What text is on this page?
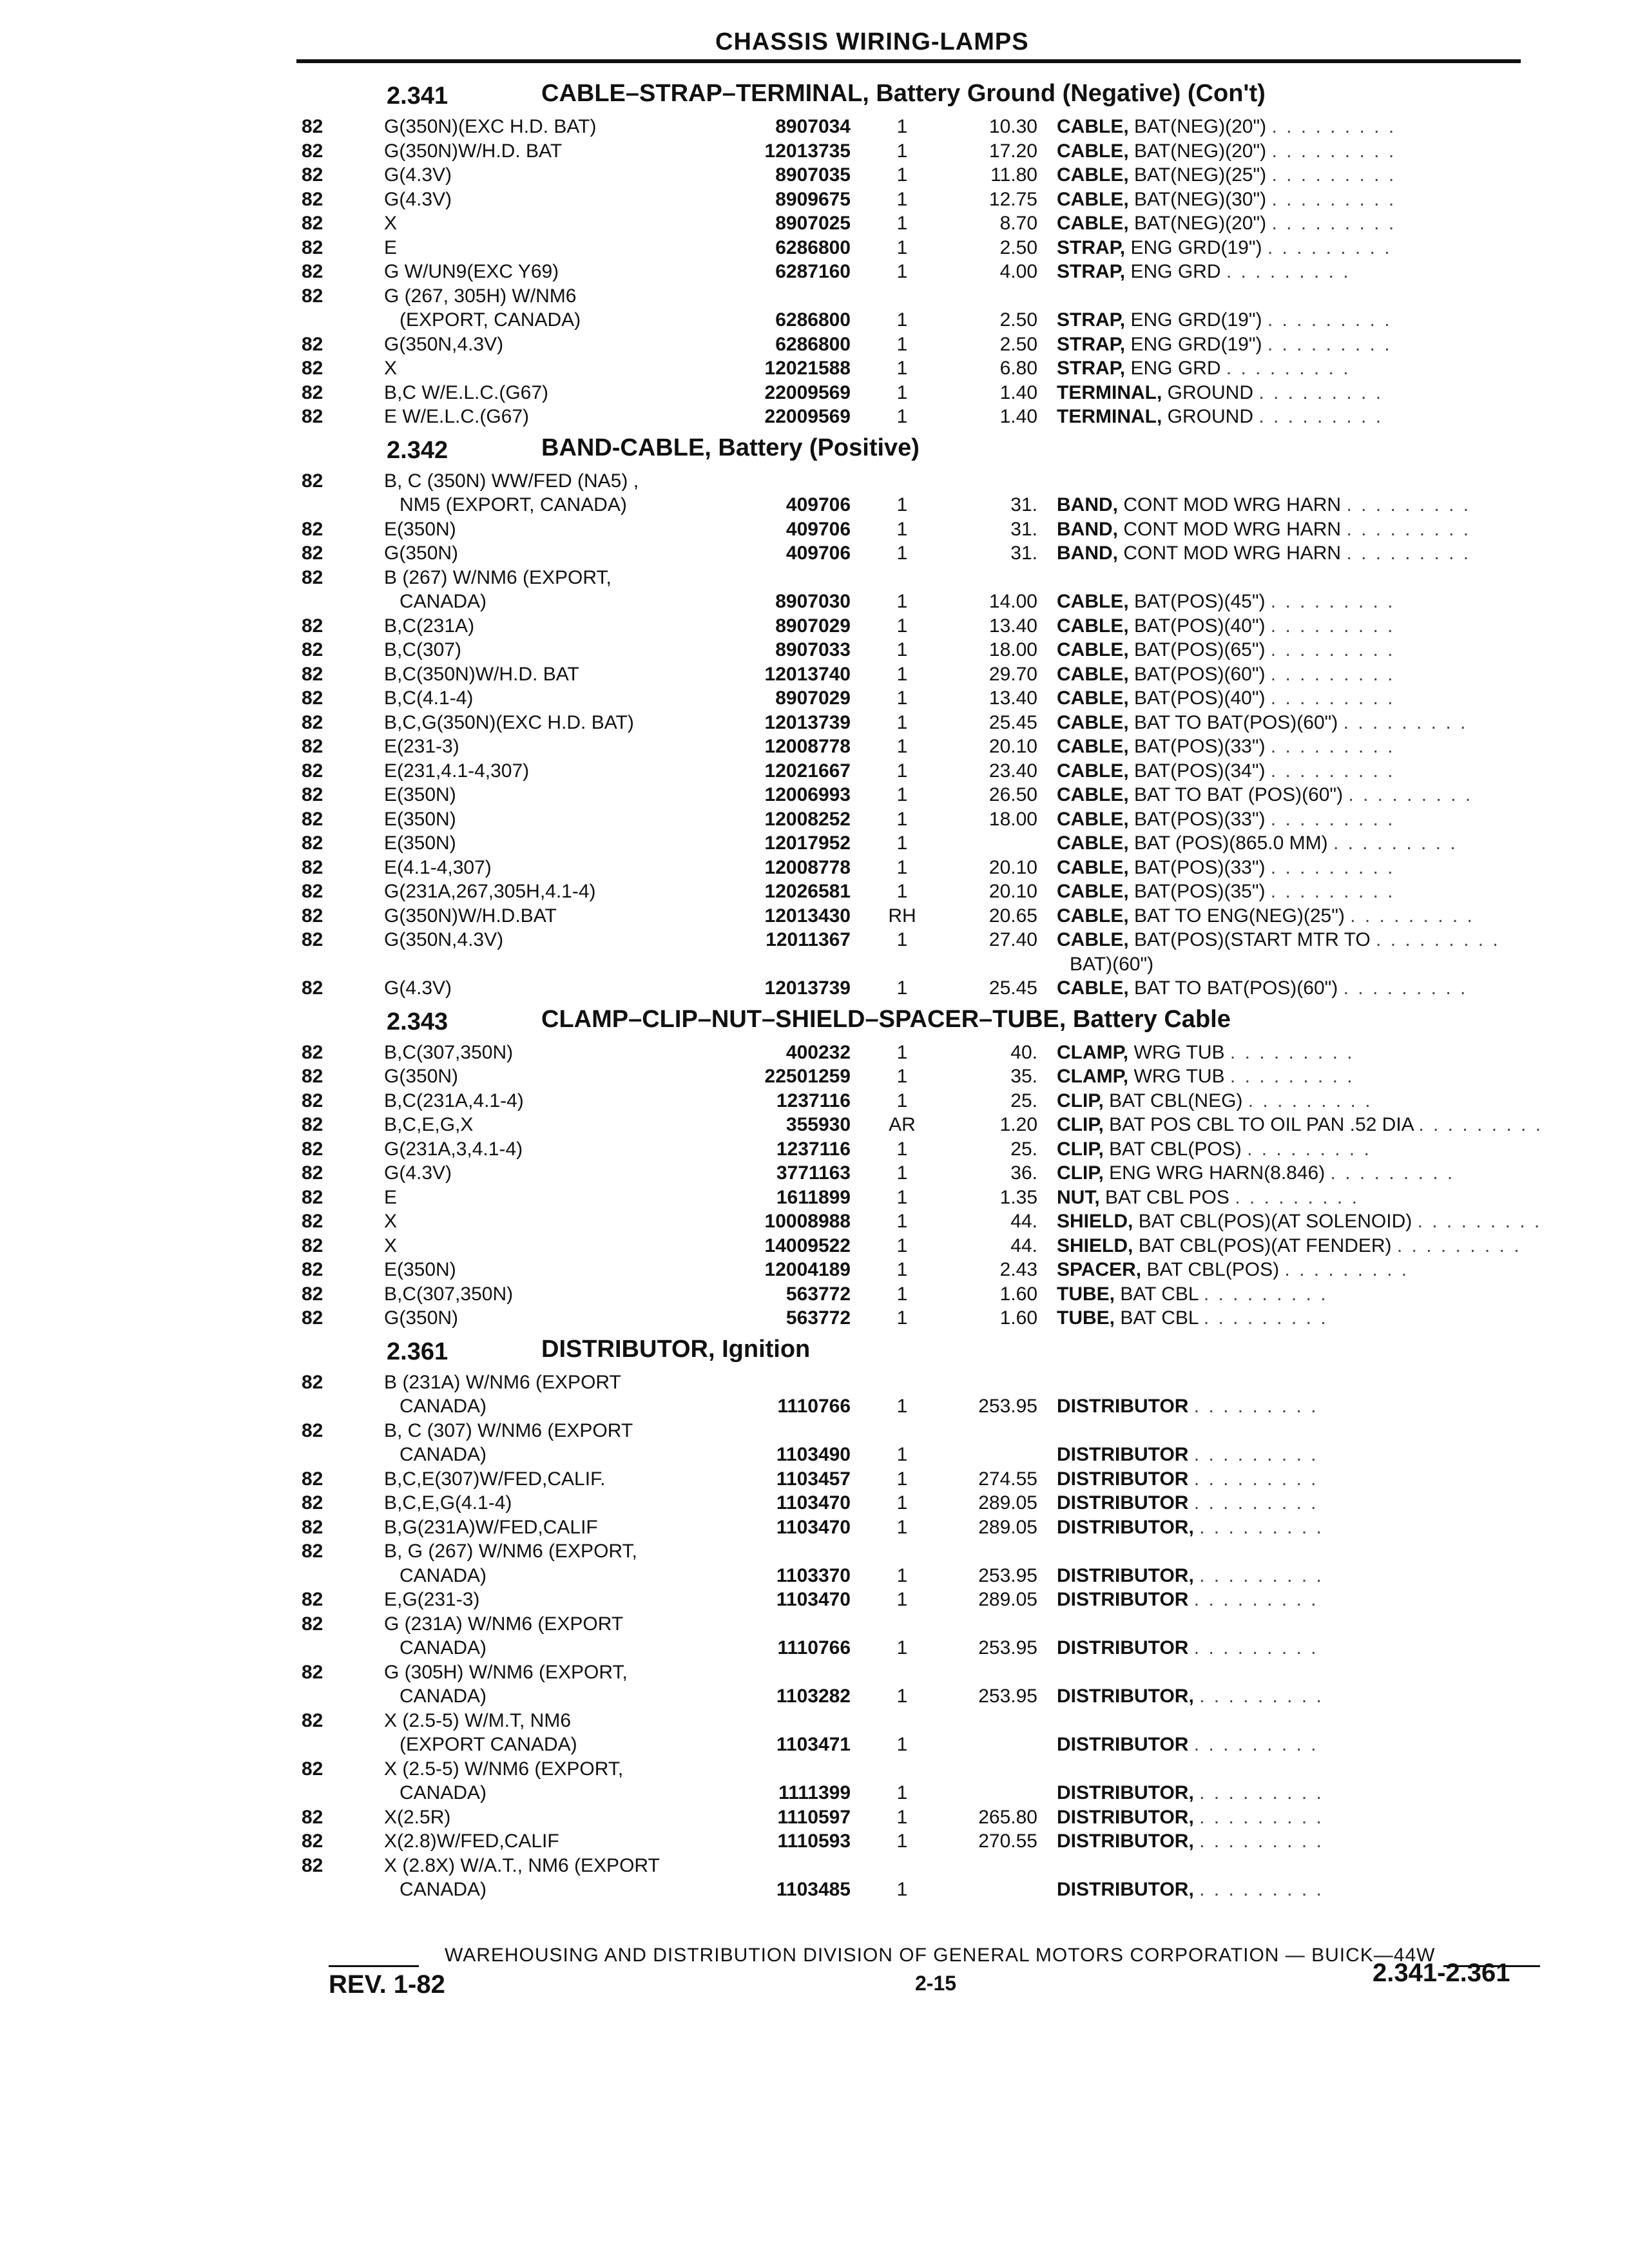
CHASSIS WIRING-LAMPS
2.341	CABLE–STRAP–TERMINAL, Battery Ground (Negative) (Con't)
82	G(350N)(EXC H.D. BAT)	8907034	1	10.30 CABLE, BAT(NEG)(20") . . . . . . . . .
82	G(350N)W/H.D. BAT	12013735	1	17.20 CABLE, BAT(NEG)(20") . . . . . . . . .
82	G(4.3V)	8907035	1	11.80 CABLE, BAT(NEG)(25") . . . . . . . . .
82	G(4.3V)	8909675	1	12.75 CABLE, BAT(NEG)(30") . . . . . . . . .
82	X	8907025	1	8.70 CABLE, BAT(NEG)(20") . . . . . . . . .
82	E	6286800	1	2.50 STRAP, ENG GRD(19") . . . . . . . . .
82	G W/UN9(EXC Y69)	6287160	1	4.00 STRAP, ENG GRD . . . . . . . . .
82	G (267, 305H) W/NM6
(EXPORT, CANADA)	6286800	1	2.50 STRAP, ENG GRD(19") . . . . . . . . .
82	G(350N,4.3V)	6286800	1	2.50 STRAP, ENG GRD(19") . . . . . . . . .
82	X	12021588	1	6.80 STRAP, ENG GRD . . . . . . . . .
82	B,C W/E.L.C.(G67)	22009569	1	1.40 TERMINAL, GROUND . . . . . . . . .
82	E W/E.L.C.(G67)	22009569	1	1.40 TERMINAL, GROUND . . . . . . . . .
2.342	BAND-CABLE, Battery (Positive)
82	B, C (350N) WW/FED (NA5) ,
NM5 (EXPORT, CANADA)	409706	1	.31 BAND, CONT MOD WRG HARN . . . . . . . . .
82	E(350N)	409706	1	.31 BAND, CONT MOD WRG HARN . . . . . . . . .
82	G(350N)	409706	1	.31 BAND, CONT MOD WRG HARN . . . . . . . . .
82	B (267) W/NM6 (EXPORT,
CANADA)	8907030	1	14.00 CABLE, BAT(POS)(45") . . . . . . . . .
82	B,C(231A)	8907029	1	13.40 CABLE, BAT(POS)(40") . . . . . . . . .
82	B,C(307)	8907033	1	18.00 CABLE, BAT(POS)(65") . . . . . . . . .
82	B,C(350N)W/H.D. BAT	12013740	1	29.70 CABLE, BAT(POS)(60") . . . . . . . . .
82	B,C(4.1-4)	8907029	1	13.40 CABLE, BAT(POS)(40") . . . . . . . . .
82	B,C,G(350N)(EXC H.D. BAT)	12013739	1	25.45 CABLE, BAT TO BAT(POS)(60") . . . . . . . . .
82	E(231-3)	12008778	1	20.10 CABLE, BAT(POS)(33") . . . . . . . . .
82	E(231,4.1-4,307)	12021667	1	23.40 CABLE, BAT(POS)(34") . . . . . . . . .
82	E(350N)	12006993	1	26.50 CABLE, BAT TO BAT (POS)(60") . . . . . . . . .
82	E(350N)	12008252	1	18.00 CABLE, BAT(POS)(33") . . . . . . . . .
82	E(350N)	12017952	1	CABLE, BAT (POS)(865.0 MM) . . . . . . . . .
82	E(4.1-4,307)	12008778	1	20.10 CABLE, BAT(POS)(33") . . . . . . . . .
82	G(231A,267,305H,4.1-4)	12026581	1	20.10 CABLE, BAT(POS)(35") . . . . . . . . .
82	G(350N)W/H.D.BAT	12013430	RH	20.65 CABLE, BAT TO ENG(NEG)(25") . . . . . . . . .
82	G(350N,4.3V)	12011367	1	27.40 CABLE, BAT(POS)(START MTR TO . . . . . . . . .
BAT)(60")
82	G(4.3V)	12013739	1	25.45 CABLE, BAT TO BAT(POS)(60") . . . . . . . . .
2.343	CLAMP–CLIP–NUT–SHIELD–SPACER–TUBE, Battery Cable
82	B,C(307,350N)	400232	1	.40 CLAMP, WRG TUB . . . . . . . . .
82	G(350N)	22501259	1	.35 CLAMP, WRG TUB . . . . . . . . .
82	B,C(231A,4.1-4)	1237116	1	.25 CLIP, BAT CBL(NEG) . . . . . . . . .
82	B,C,E,G,X	355930	AR	1.20 CLIP, BAT POS CBL TO OIL PAN .52 DIA . . . . . . . . .
82	G(231A,3,4.1-4)	1237116	1	.25 CLIP, BAT CBL(POS) . . . . . . . . .
82	G(4.3V)	3771163	1	.36 CLIP, ENG WRG HARN(8.846) . . . . . . . . .
82	E	1611899	1	1.35 NUT, BAT CBL POS . . . . . . . . .
82	X	10008988	1	.44 SHIELD, BAT CBL(POS)(AT SOLENOID) . . . . . . . . .
82	X	14009522	1	.44 SHIELD, BAT CBL(POS)(AT FENDER) . . . . . . . . .
82	E(350N)	12004189	1	2.43 SPACER, BAT CBL(POS) . . . . . . . . .
82	B,C(307,350N)	563772	1	1.60 TUBE, BAT CBL . . . . . . . . .
82	G(350N)	563772	1	1.60 TUBE, BAT CBL . . . . . . . . .
2.361	DISTRIBUTOR, Ignition
82	B (231A) W/NM6 (EXPORT
CANADA)	1110766	1	253.95 DISTRIBUTOR . . . . . . . . .
82	B, C (307) W/NM6 (EXPORT
CANADA)	1103490	1	DISTRIBUTOR . . . . . . . . .
82	B,C,E(307)W/FED,CALIF.	1103457	1	274.55 DISTRIBUTOR . . . . . . . . .
82	B,C,E,G(4.1-4)	1103470	1	289.05 DISTRIBUTOR . . . . . . . . .
82	B,G(231A)W/FED,CALIF	1103470	1	289.05 DISTRIBUTOR, . . . . . . . . .
82	B, G (267) W/NM6 (EXPORT,
CANADA)	1103370	1	253.95 DISTRIBUTOR, . . . . . . . . .
82	E,G(231-3)	1103470	1	289.05 DISTRIBUTOR . . . . . . . . .
82	G (231A) W/NM6 (EXPORT
CANADA)	1110766	1	253.95 DISTRIBUTOR . . . . . . . . .
82	G (305H) W/NM6 (EXPORT,
CANADA)	1103282	1	253.95 DISTRIBUTOR, . . . . . . . . .
82	X (2.5-5) W/M.T, NM6
(EXPORT CANADA)	1103471	1	DISTRIBUTOR . . . . . . . . .
82	X (2.5-5) W/NM6 (EXPORT,
CANADA)	1111399	1	DISTRIBUTOR, . . . . . . . . .
82	X(2.5R)	1110597	1	265.80 DISTRIBUTOR, . . . . . . . . .
82	X(2.8)W/FED,CALIF	1110593	1	270.55 DISTRIBUTOR, . . . . . . . . .
82	X (2.8X) W/A.T., NM6 (EXPORT
CANADA)	1103485	1	DISTRIBUTOR, . . . . . . . . .
WAREHOUSING AND DISTRIBUTION DIVISION OF GENERAL MOTORS CORPORATION — BUICK—44W
REV. 1-82	2-15	2.341-2.361
